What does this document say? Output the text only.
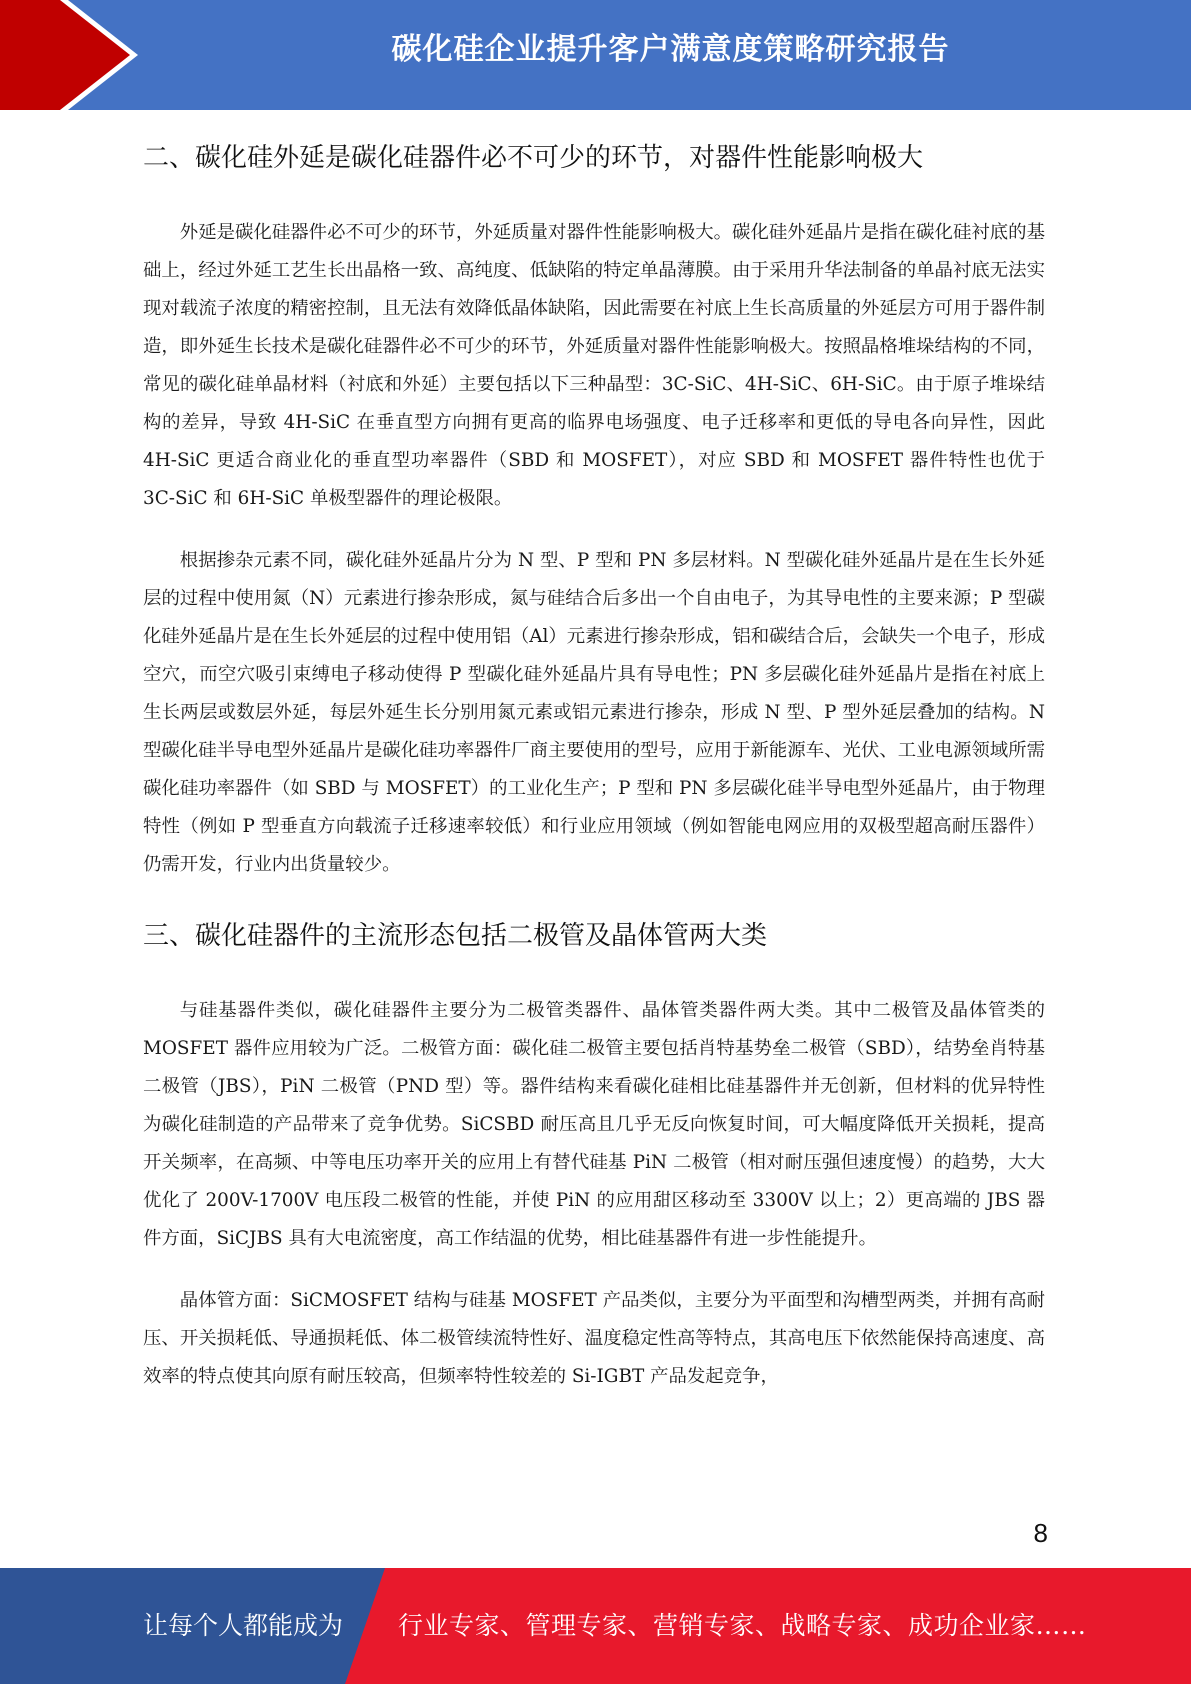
碳化硅企业提升客户满意度策略研究报告
二、碳化硅外延是碳化硅器件必不可少的环节，对器件性能影响极大

外延是碳化硅器件必不可少的环节，外延质量对器件性能影响极大。碳化硅外延晶片是指在碳化硅衬底的基础上，经过外延工艺生长出晶格一致、高纯度、低缺陷的特定单晶薄膜。由于采用升华法制备的单晶衬底无法实现对载流子浓度的精密控制，且无法有效降低晶体缺陷，因此需要在衬底上生长高质量的外延层方可用于器件制造，即外延生长技术是碳化硅器件必不可少的环节，外延质量对器件性能影响极大。按照晶格堆垛结构的不同，常见的碳化硅单晶材料（衬底和外延）主要包括以下三种晶型：3C-SiC、4H-SiC、6H-SiC。由于原子堆垛结构的差异，导致 4H-SiC 在垂直型方向拥有更高的临界电场强度、电子迁移率和更低的导电各向异性，因此 4H-SiC 更适合商业化的垂直型功率器件（SBD 和 MOSFET），对应 SBD 和 MOSFET 器件特性也优于 3C-SiC 和 6H-SiC 单极型器件的理论极限。

根据掺杂元素不同，碳化硅外延晶片分为 N 型、P 型和 PN 多层材料。N 型碳化硅外延晶片是在生长外延层的过程中使用氮（N）元素进行掺杂形成，氮与硅结合后多出一个自由电子，为其导电性的主要来源；P 型碳化硅外延晶片是在生长外延层的过程中使用铝（Al）元素进行掺杂形成，铝和碳结合后，会缺失一个电子，形成空穴，而空穴吸引束缚电子移动使得 P 型碳化硅外延晶片具有导电性；PN 多层碳化硅外延晶片是指在衬底上生长两层或数层外延，每层外延生长分别用氮元素或铝元素进行掺杂，形成 N 型、P 型外延层叠加的结构。N 型碳化硅半导电型外延晶片是碳化硅功率器件厂商主要使用的型号，应用于新能源车、光伏、工业电源领域所需碳化硅功率器件（如 SBD 与 MOSFET）的工业化生产；P 型和 PN 多层碳化硅半导电型外延晶片，由于物理特性（例如 P 型垂直方向载流子迁移速率较低）和行业应用领域（例如智能电网应用的双极型超高耐压器件）仍需开发，行业内出货量较少。

三、碳化硅器件的主流形态包括二极管及晶体管两大类

与硅基器件类似，碳化硅器件主要分为二极管类器件、晶体管类器件两大类。其中二极管及晶体管类的 MOSFET 器件应用较为广泛。二极管方面：碳化硅二极管主要包括肖特基势垒二极管（SBD），结势垒肖特基二极管（JBS），PiN 二极管（PND 型）等。器件结构来看碳化硅相比硅基器件并无创新，但材料的优异特性为碳化硅制造的产品带来了竞争优势。SiCSBD 耐压高且几乎无反向恢复时间，可大幅度降低开关损耗，提高开关频率，在高频、中等电压功率开关的应用上有替代硅基 PiN 二极管（相对耐压强但速度慢）的趋势，大大优化了 200V-1700V 电压段二极管的性能，并使 PiN 的应用甜区移动至 3300V 以上；2）更高端的 JBS 器件方面，SiCJBS 具有大电流密度，高工作结温的优势，相比硅基器件有进一步性能提升。

晶体管方面：SiCMOSFET 结构与硅基 MOSFET 产品类似，主要分为平面型和沟槽型两类，并拥有高耐压、开关损耗低、导通损耗低、体二极管续流特性好、温度稳定性高等特点，其高电压下依然能保持高速度、高效率的特点使其向原有耐压较高，但频率特性较差的 Si-IGBT 产品发起竞争，

8
让每个人都能成为 行业专家、管理专家、营销专家、战略专家、成功企业家……
